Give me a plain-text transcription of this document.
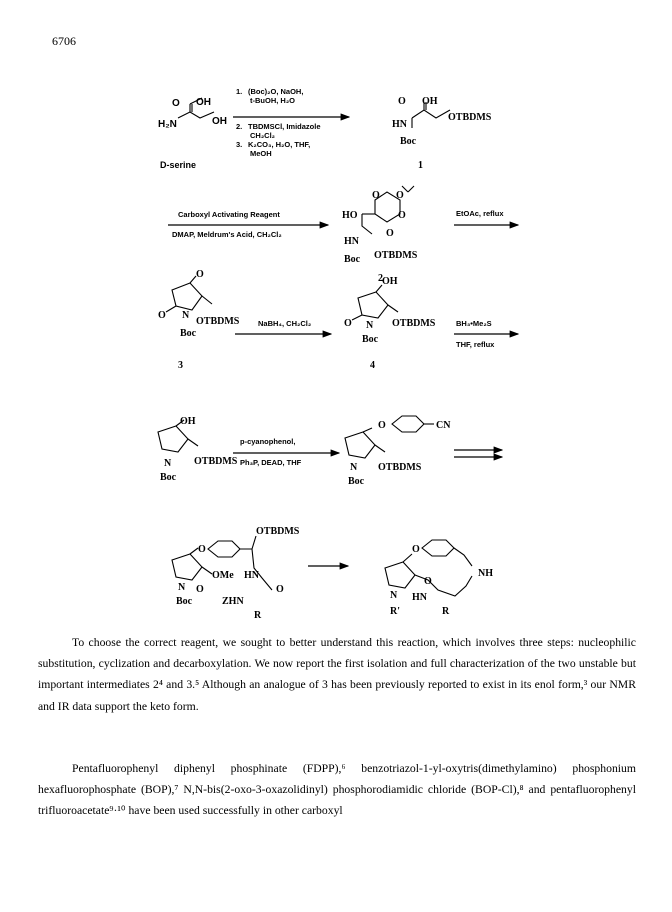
6706
O OH
H₂N	OH
D-serine
1. (Boc)₂O, NaOH,
t-BuOH, H₂O
2. TBDMSCl, Imidazole
CH₂Cl₂
3. K₂CO₃, H₂O, THF,
MeOH
O OH
HN
OTBDMS
Boc
1
Carboxyl Activating Reagent
DMAP, Meldrum's Acid, CH₂Cl₂
O O
HO	O
O
HN
Boc OTBDMS
2
EtOAc, reflux
O
O N
OTBDMS
Boc
3
NaBH₄, CH₂Cl₂
OH
O N OTBDMS
Boc
4
BH₃•Me₂S
THF, reflux
OH
N OTBDMS
Boc
p-cyanophenol,
Ph₃P, DEAD, THF
O	CN
N OTBDMS
Boc
OTBDMS
O
OMe HN
N O	O
Boc	ZHN
R
O
NH
O
N HN
R'	R
To choose the correct reagent, we sought to better understand this reaction, which involves three steps: nucleophilic substitution, cyclization and decarboxylation. We now report the first isolation and full characterization of the two unstable but important intermediates 2⁴ and 3.⁵ Although an analogue of 3 has been previously reported to exist in its enol form,³ our NMR and IR data support the keto form.
Pentafluorophenyl diphenyl phosphinate (FDPP),⁶ benzotriazol-1-yl-oxytris(dimethylamino) phosphonium hexafluorophosphate (BOP),⁷ N,N-bis(2-oxo-3-oxazolidinyl) phosphorodiamidic chloride (BOP-Cl),⁸ and pentafluorophenyl trifluoroacetate⁹·¹⁰ have been used successfully in other carboxyl
